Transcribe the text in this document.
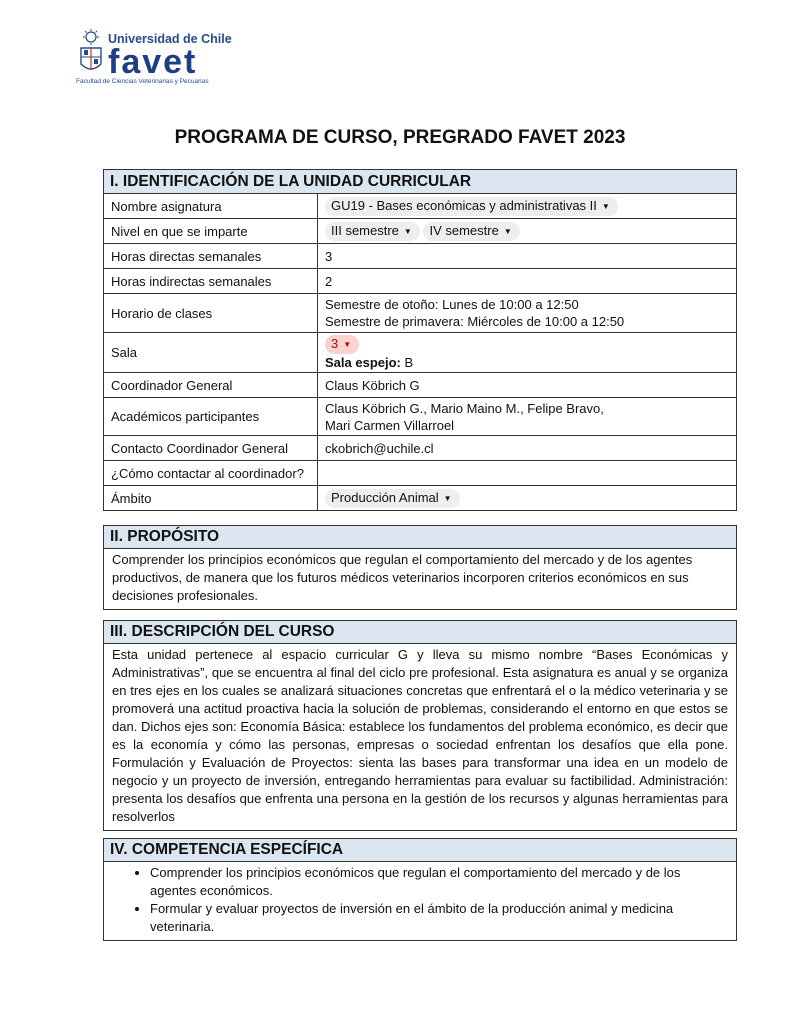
Universidad de Chile
favet
Facultad de Ciencias Veterinarias y Pecuarias
PROGRAMA DE CURSO, PREGRADO FAVET 2023
I. IDENTIFICACIÓN DE LA UNIDAD CURRICULAR	
Nombre asignatura	GU19 - Bases económicas y administrativas II ▼
Nivel en que se imparte	III semestre ▼ IV semestre ▼
Horas directas semanales	3
Horas indirectas semanales	2
Horario de clases	Semestre de otoño: Lunes de 10:00 a 12:50
Semestre de primavera: Miércoles de 10:00 a 12:50

Sala	3 ▼
Sala espejo: B

Coordinador General	Claus Köbrich G
Académicos participantes	Claus Köbrich G., Mario Maino M., Felipe Bravo,
Mari Carmen Villarroel

Contacto Coordinador General	ckobrich@uchile.cl
¿Cómo contactar al coordinador?	
Ámbito	Producción Animal ▼
II. PROPÓSITO
Comprender los principios económicos que regulan el comportamiento del mercado y de los agentes productivos, de manera que los futuros médicos veterinarios incorporen criterios económicos en sus decisiones profesionales.
III. DESCRIPCIÓN DEL CURSO
Esta unidad pertenece al espacio curricular G y lleva su mismo nombre “Bases Económicas y Administrativas”, que se encuentra al final del ciclo pre profesional. Esta asignatura es anual y se organiza en tres ejes en los cuales se analizará situaciones concretas que enfrentará el o la médico veterinaria y se promoverá una actitud proactiva hacia la solución de problemas, considerando el entorno en que estos se dan. Dichos ejes son: Economía Básica: establece los fundamentos del problema económico, es decir que es la economía y cómo las personas, empresas o sociedad enfrentan los desafíos que ella pone. Formulación y Evaluación de Proyectos: sienta las bases para transformar una idea en un modelo de negocio y un proyecto de inversión, entregando herramientas para evaluar su factibilidad. Administración: presenta los desafíos que enfrenta una persona en la gestión de los recursos y algunas herramientas para resolverlos
IV. COMPETENCIA ESPECÍFICA
• Comprender los principios económicos que regulan el comportamiento del mercado y de los agentes económicos.
• Formular y evaluar proyectos de inversión en el ámbito de la producción animal y medicina veterinaria.
